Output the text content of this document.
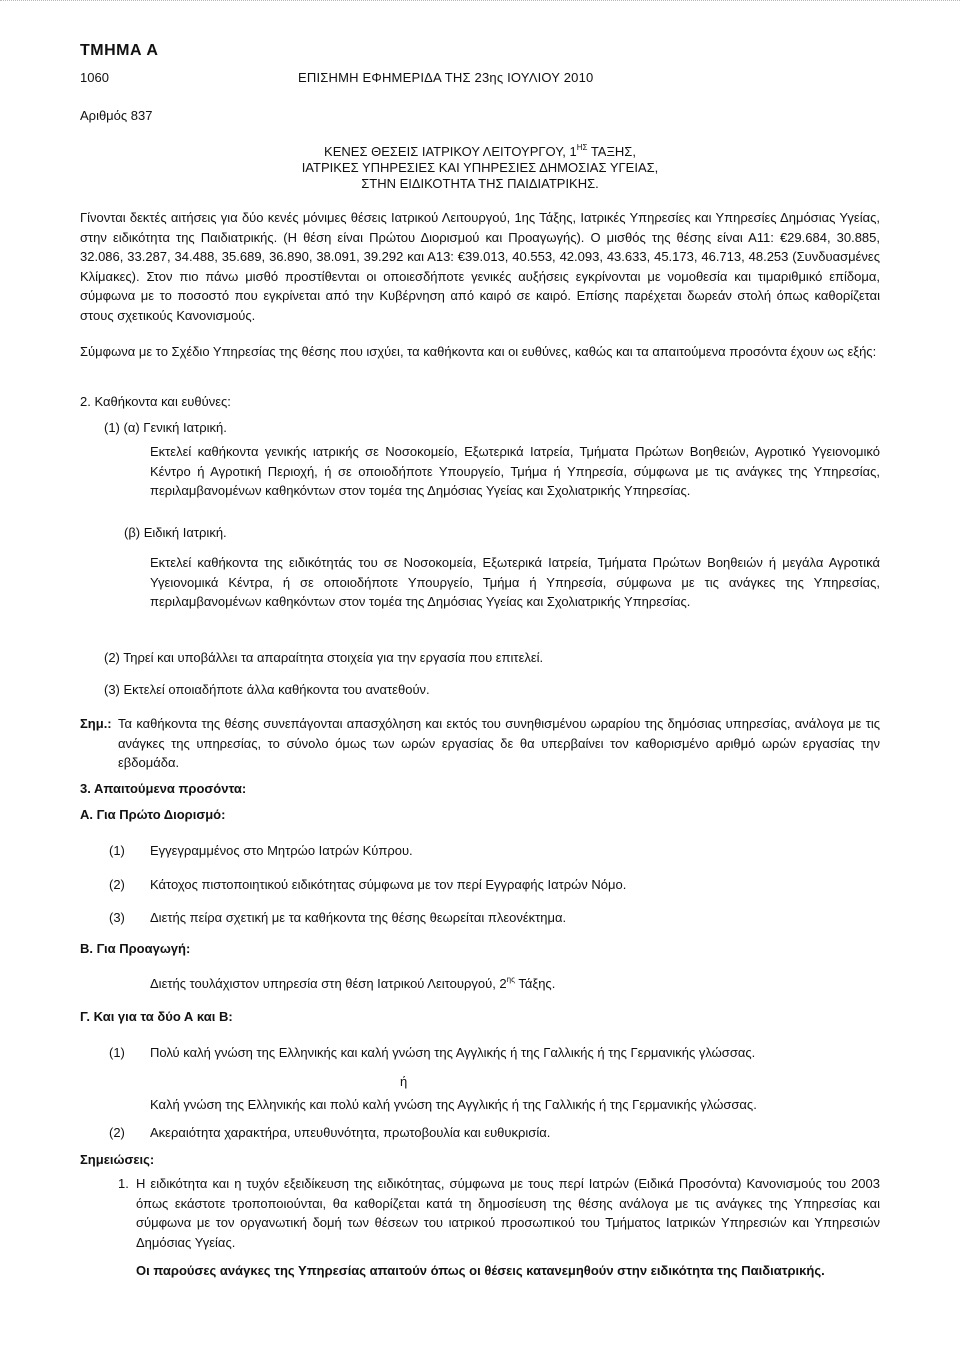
ΤΜΗΜΑ Α
1060	ΕΠΙΣΗΜΗ ΕΦΗΜΕΡΙΔΑ ΤΗΣ 23ης ΙΟΥΛΙΟΥ 2010
Αριθμός 837
ΚΕΝΕΣ ΘΕΣΕΙΣ ΙΑΤΡΙΚΟΥ ΛΕΙΤΟΥΡΓΟΥ, $1^{H\Sigma}$ ΤΑΞΗΣ,
ΙΑΤΡΙΚΕΣ ΥΠΗΡΕΣΙΕΣ ΚΑΙ ΥΠΗΡΕΣΙΕΣ ΔΗΜΟΣΙΑΣ ΥΓΕΙΑΣ,
ΣΤΗΝ ΕΙΔΙΚΟΤΗΤΑ ΤΗΣ ΠΑΙΔΙΑΤΡΙΚΗΣ.
Γίνονται δεκτές αιτήσεις για δύο κενές μόνιμες θέσεις Ιατρικού Λειτουργού, 1ης Τάξης, Ιατρικές Υπηρεσίες και Υπηρεσίες Δημόσιας Υγείας, στην ειδικότητα της Παιδιατρικής. (Η θέση είναι Πρώτου Διορισμού και Προαγωγής). Ο μισθός της θέσης είναι Α11: €29.684, 30.885, 32.086, 33.287, 34.488, 35.689, 36.890, 38.091, 39.292 και Α13: €39.013, 40.553, 42.093, 43.633, 45.173, 46.713, 48.253 (Συνδυασμένες Κλίμακες). Στον πιο πάνω μισθό προστίθενται οι οποιεσδήποτε γενικές αυξήσεις εγκρίνονται με νομοθεσία και τιμαριθμικό επίδομα, σύμφωνα με το ποσοστό που εγκρίνεται από την Κυβέρνηση από καιρό σε καιρό. Επίσης παρέχεται δωρεάν στολή όπως καθορίζεται στους σχετικούς Κανονισμούς.
Σύμφωνα με το Σχέδιο Υπηρεσίας της θέσης που ισχύει, τα καθήκοντα και οι ευθύνες, καθώς και τα απαιτούμενα προσόντα έχουν ως εξής:
2. Καθήκοντα και ευθύνες:
(1) (α) Γενική Ιατρική.
Εκτελεί καθήκοντα γενικής ιατρικής σε Νοσοκομείο, Εξωτερικά Ιατρεία, Τμήματα Πρώτων Βοηθειών, Αγροτικό Υγειονομικό Κέντρο ή Αγροτική Περιοχή, ή σε οποιοδήποτε Υπουργείο, Τμήμα ή Υπηρεσία, σύμφωνα με τις ανάγκες της Υπηρεσίας, περιλαμβανομένων καθηκόντων στον τομέα της Δημόσιας Υγείας και Σχολιατρικής Υπηρεσίας.
(β) Ειδική Ιατρική.
Εκτελεί καθήκοντα της ειδικότητάς του σε Νοσοκομεία, Εξωτερικά Ιατρεία, Τμήματα Πρώτων Βοηθειών ή μεγάλα Αγροτικά Υγειονομικά Κέντρα, ή σε οποιοδήποτε Υπουργείο, Τμήμα ή Υπηρεσία, σύμφωνα με τις ανάγκες της Υπηρεσίας, περιλαμβανομένων καθηκόντων στον τομέα της Δημόσιας Υγείας και Σχολιατρικής Υπηρεσίας.
(2) Τηρεί και υποβάλλει τα απαραίτητα στοιχεία για την εργασία που επιτελεί.
(3) Εκτελεί οποιαδήποτε άλλα καθήκοντα του ανατεθούν.
Σημ.: Τα καθήκοντα της θέσης συνεπάγονται απασχόληση και εκτός του συνηθισμένου ωραρίου της δημόσιας υπηρεσίας, ανάλογα με τις ανάγκες της υπηρεσίας, το σύνολο όμως των ωρών εργασίας δε θα υπερβαίνει τον καθορισμένο αριθμό ωρών εργασίας την εβδομάδα.
3. Απαιτούμενα προσόντα:
Α. Για Πρώτο Διορισμό:
(1) Εγγεγραμμένος στο Μητρώο Ιατρών Κύπρου.
(2) Κάτοχος πιστοποιητικού ειδικότητας σύμφωνα με τον περί Εγγραφής Ιατρών Νόμο.
(3) Διετής πείρα σχετική με τα καθήκοντα της θέσης θεωρείται πλεονέκτημα.
Β. Για Προαγωγή:
Διετής τουλάχιστον υπηρεσία στη θέση Ιατρικού Λειτουργού, $2^{\eta\varsigma}$ Τάξης.
Γ. Και για τα δύο Α και Β:
(1) Πολύ καλή γνώση της Ελληνικής και καλή γνώση της Αγγλικής ή της Γαλλικής ή της Γερμανικής γλώσσας.
ή
Καλή γνώση της Ελληνικής και πολύ καλή γνώση της Αγγλικής ή της Γαλλικής ή της Γερμανικής γλώσσας.
(2) Ακεραιότητα χαρακτήρα, υπευθυνότητα, πρωτοβουλία και ευθυκρισία.
Σημειώσεις:
1. Η ειδικότητα και η τυχόν εξειδίκευση της ειδικότητας, σύμφωνα με τους περί Ιατρών (Ειδικά Προσόντα) Κανονισμούς του 2003 όπως εκάστοτε τροποποιούνται, θα καθορίζεται κατά τη δημοσίευση της θέσης ανάλογα με τις ανάγκες της Υπηρεσίας και σύμφωνα με τον οργανωτική δομή των θέσεων του ιατρικού προσωπικού του Τμήματος Ιατρικών Υπηρεσιών και Υπηρεσιών Δημόσιας Υγείας.
Οι παρούσες ανάγκες της Υπηρεσίας απαιτούν όπως οι θέσεις κατανεμηθούν στην ειδικότητα της Παιδιατρικής.
